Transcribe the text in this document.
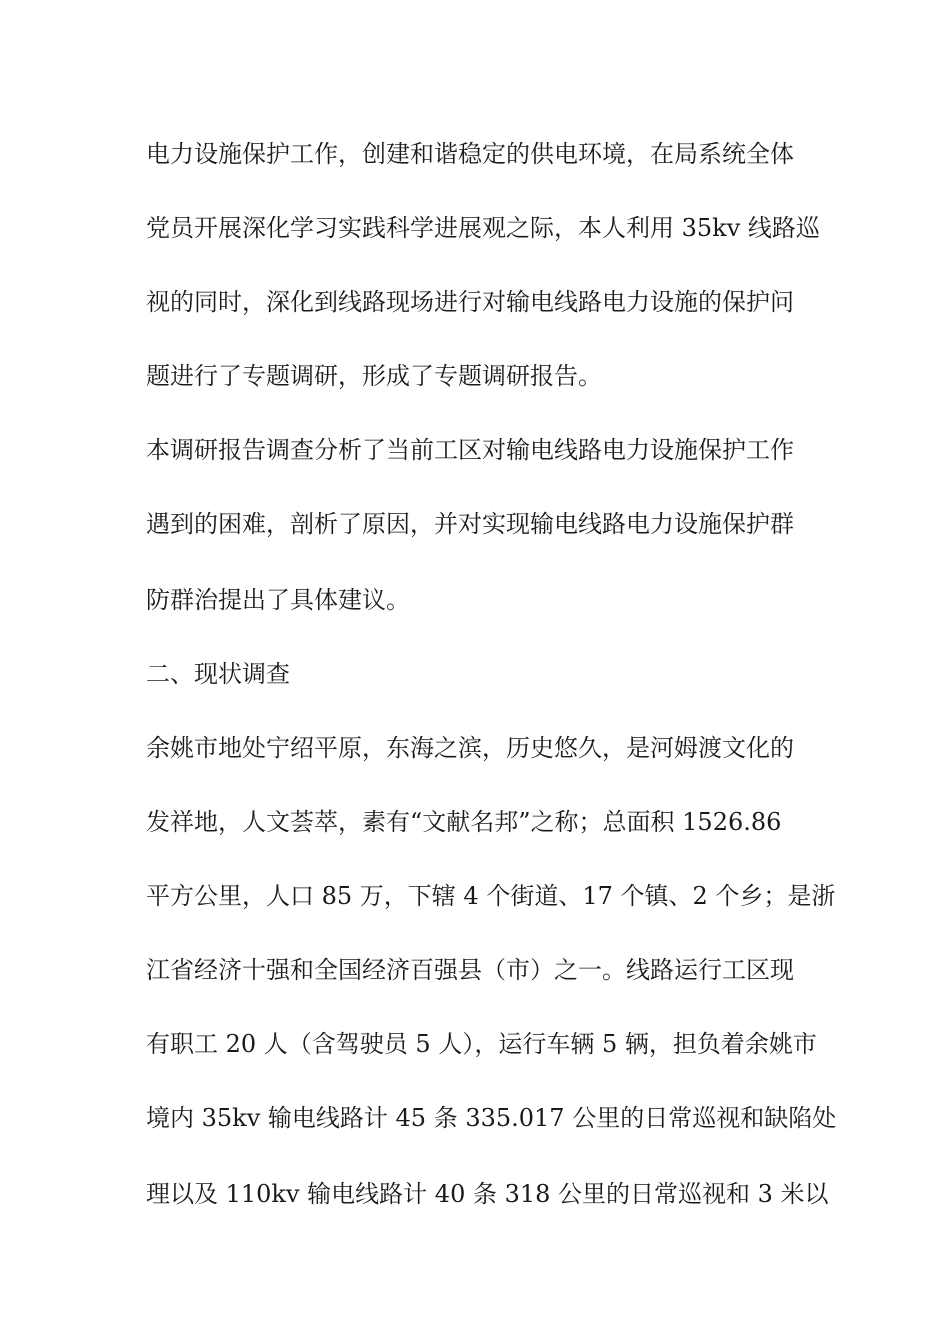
电力设施保护工作，创建和谐稳定的供电环境，在局系统全体
党员开展深化学习实践科学进展观之际，本人利用 35kv 线路巡
视的同时，深化到线路现场进行对输电线路电力设施的保护问
题进行了专题调研，形成了专题调研报告。
本调研报告调查分析了当前工区对输电线路电力设施保护工作
遇到的困难，剖析了原因，并对实现输电线路电力设施保护群
防群治提出了具体建议。
二、现状调查
余姚市地处宁绍平原，东海之滨，历史悠久，是河姆渡文化的
发祥地，人文荟萃，素有“文献名邦”之称；总面积 1526.86
平方公里，人口 85 万，下辖 4 个街道、17 个镇、2 个乡；是浙
江省经济十强和全国经济百强县（市）之一。线路运行工区现
有职工 20 人（含驾驶员 5 人），运行车辆 5 辆，担负着余姚市
境内 35kv 输电线路计 45 条 335.017 公里的日常巡视和缺陷处
理以及 110kv 输电线路计 40 条 318 公里的日常巡视和 3 米以
